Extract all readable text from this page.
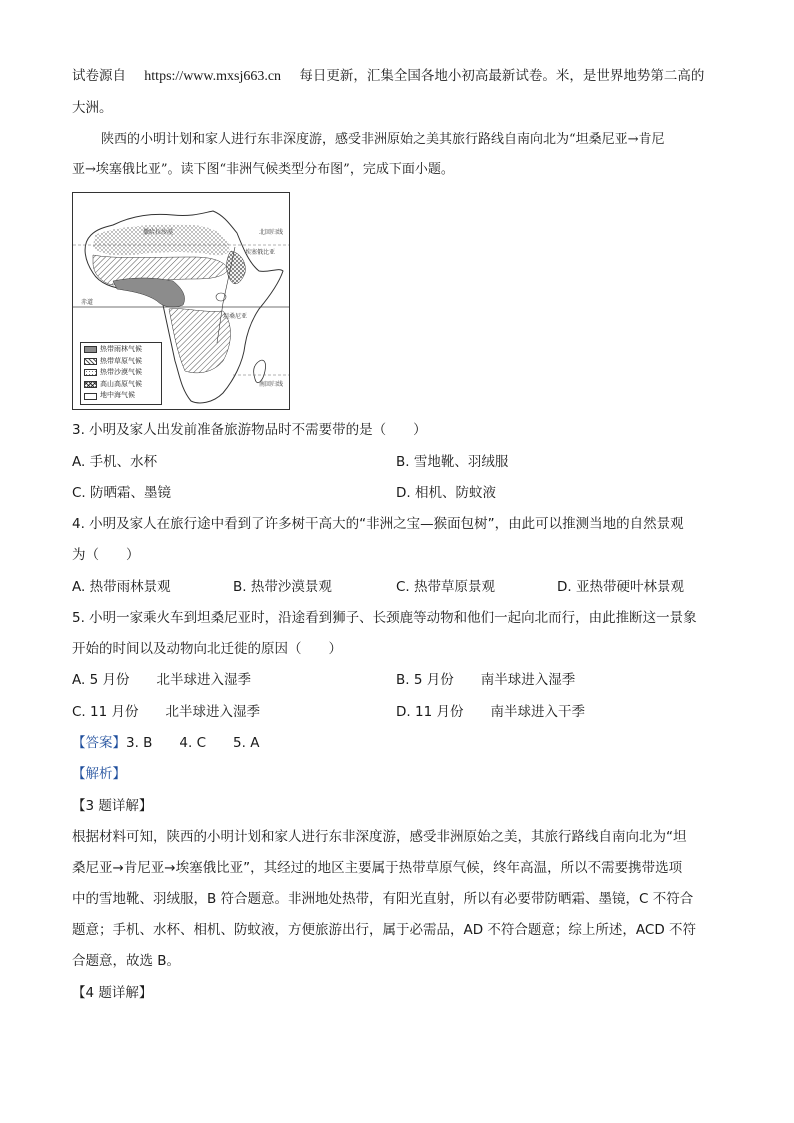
试卷源自 https://www.mxsj663.cn 每日更新，汇集全国各地小初高最新试卷。米，是世界地势第二高的
大洲。
陕西的小明计划和家人进行东非深度游，感受非洲原始之美其旅行路线自南向北为“坦桑尼亚→肯尼
亚→埃塞俄比亚”。读下图“非洲气候类型分布图”，完成下面小题。
撒哈拉沙漠	北回归线
埃塞俄比亚
赤道
坦桑尼亚
南回归线
热带雨林气候
热带草原气候
热带沙漠气候
高山高原气候
地中海气候
3. 小明及家人出发前准备旅游物品时不需要带的是（　　）
A. 手机、水杯	B. 雪地靴、羽绒服
C. 防晒霜、墨镜	D. 相机、防蚊液
4. 小明及家人在旅行途中看到了许多树干高大的“非洲之宝—猴面包树”，由此可以推测当地的自然景观
为（　　）
A. 热带雨林景观	B. 热带沙漠景观	C. 热带草原景观	D. 亚热带硬叶林景观
5. 小明一家乘火车到坦桑尼亚时，沿途看到狮子、长颈鹿等动物和他们一起向北而行，由此推断这一景象
开始的时间以及动物向北迁徙的原因（　　）
A. 5 月份　　北半球进入湿季	B. 5 月份　　南半球进入湿季
C. 11 月份　　北半球进入湿季	D. 11 月份　　南半球进入干季
【答案】3. B　　4. C　　5. A
【解析】
【3 题详解】
根据材料可知，陕西的小明计划和家人进行东非深度游，感受非洲原始之美，其旅行路线自南向北为“坦
桑尼亚→肯尼亚→埃塞俄比亚”，其经过的地区主要属于热带草原气候，终年高温，所以不需要携带选项
中的雪地靴、羽绒服，B 符合题意。非洲地处热带，有阳光直射，所以有必要带防晒霜、墨镜，C 不符合
题意；手机、水杯、相机、防蚊液，方便旅游出行，属于必需品，AD 不符合题意；综上所述，ACD 不符
合题意，故选 B。
【4 题详解】
